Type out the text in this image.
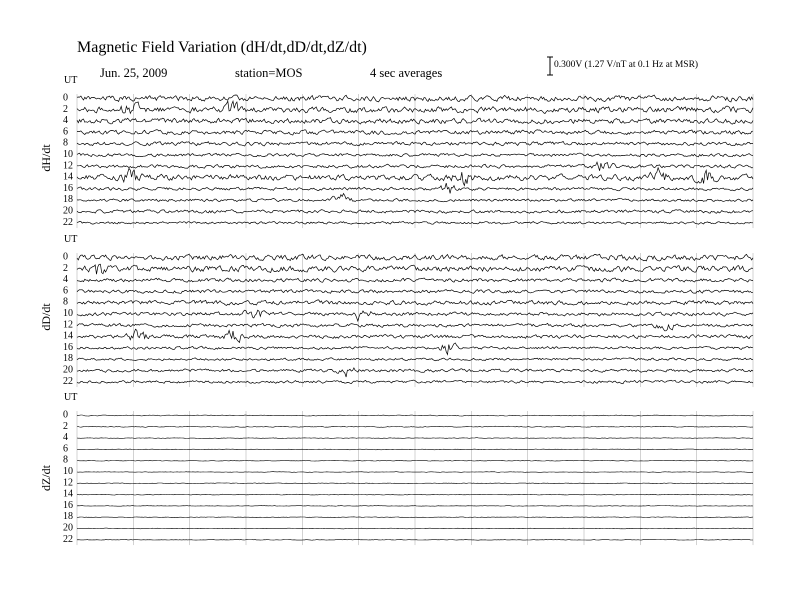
Magnetic Field Variation (dH/dt,dD/dt,dZ/dt)
Jun. 25, 2009	station=MOS	4 sec averages
0.300V (1.27 V/nT at 0.1 Hz at MSR)
UT
dH/dt
0
2
4
6
8
10
12
14
16
18
20
22
UT
dD/dt
0
2
4
6
8
10
12
14
16
18
20
22
UT
dZ/dt
0
2
4
6
8
10
12
14
16
18
20
22
